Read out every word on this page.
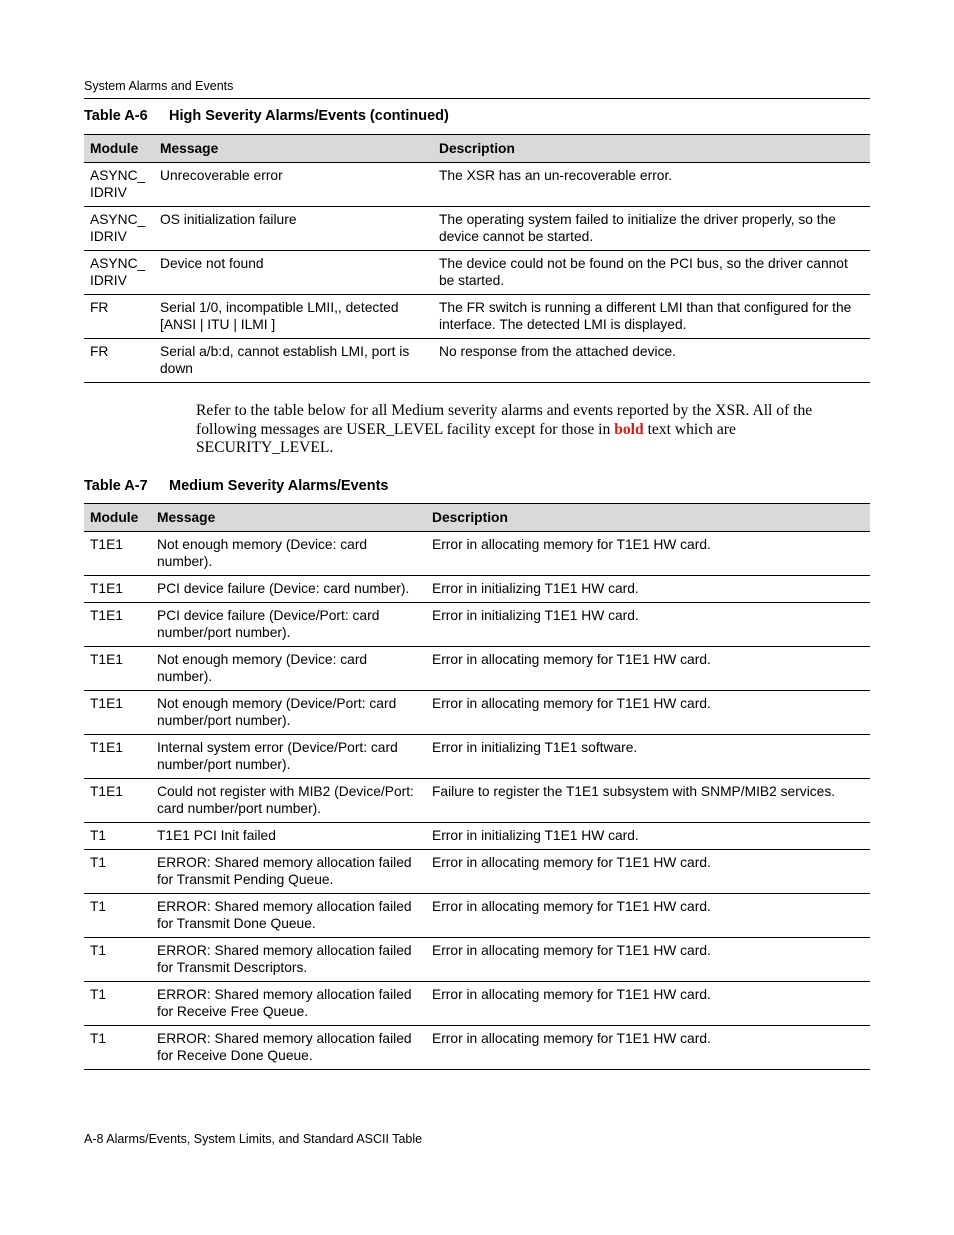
System Alarms and Events
Table A-6 High Severity Alarms/Events (continued)
Module	Message	Description
ASYNC_ IDRIV	Unrecoverable error	The XSR has an un-recoverable error.
ASYNC_ IDRIV	OS initialization failure	The operating system failed to initialize the driver properly, so the device cannot be started.
ASYNC_ IDRIV	Device not found	The device could not be found on the PCI bus, so the driver cannot be started.
FR	Serial 1/0, incompatible LMII,, detected [ANSI | ITU | ILMI ]	The FR switch is running a different LMI than that configured for the interface. The detected LMI is displayed.
FR	Serial a/b:d, cannot establish LMI, port is down	No response from the attached device.
Refer to the table below for all Medium severity alarms and events reported by the XSR. All of the following messages are USER_LEVEL facility except for those in bold text which are SECURITY_LEVEL.
Table A-7 Medium Severity Alarms/Events
Module	Message	Description
T1E1	Not enough memory (Device: card number).	Error in allocating memory for T1E1 HW card.
T1E1	PCI device failure (Device: card number).	Error in initializing T1E1 HW card.
T1E1	PCI device failure (Device/Port: card number/port number).	Error in initializing T1E1 HW card.
T1E1	Not enough memory (Device: card number).	Error in allocating memory for T1E1 HW card.
T1E1	Not enough memory (Device/Port: card number/port number).	Error in allocating memory for T1E1 HW card.
T1E1	Internal system error (Device/Port: card number/port number).	Error in initializing T1E1 software.
T1E1	Could not register with MIB2 (Device/Port: card number/port number).	Failure to register the T1E1 subsystem with SNMP/MIB2 services.
T1	T1E1 PCI Init failed	Error in initializing T1E1 HW card.
T1	ERROR: Shared memory allocation failed for Transmit Pending Queue.	Error in allocating memory for T1E1 HW card.
T1	ERROR: Shared memory allocation failed for Transmit Done Queue.	Error in allocating memory for T1E1 HW card.
T1	ERROR: Shared memory allocation failed for Transmit Descriptors.	Error in allocating memory for T1E1 HW card.
T1	ERROR: Shared memory allocation failed for Receive Free Queue.	Error in allocating memory for T1E1 HW card.
T1	ERROR: Shared memory allocation failed for Receive Done Queue.	Error in allocating memory for T1E1 HW card.
A-8 Alarms/Events, System Limits, and Standard ASCII Table
